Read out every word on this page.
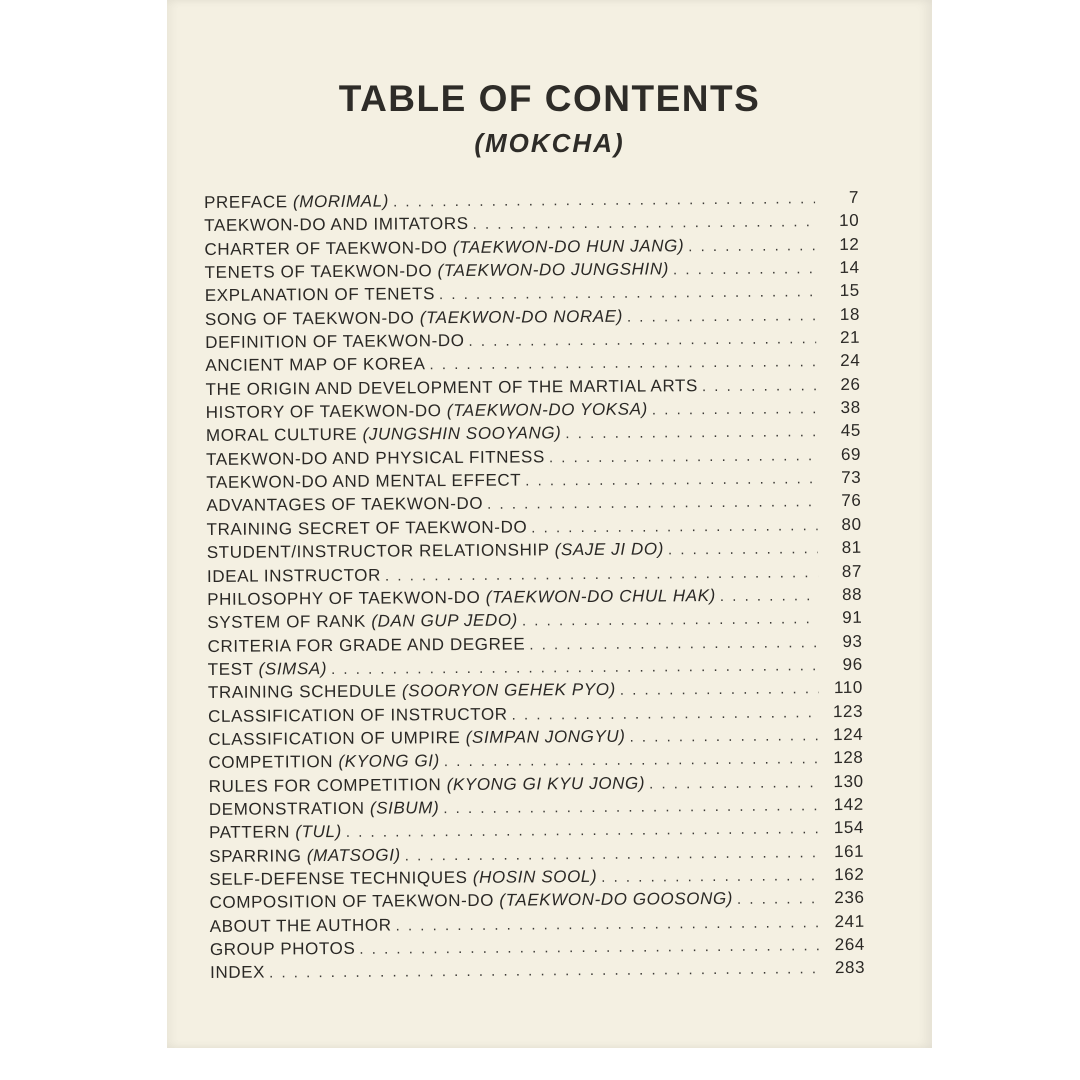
TABLE OF CONTENTS
(MOKCHA)
PREFACE (MORIMAL) . . .	7
TAEKWON-DO AND IMITATORS . . .	10
CHARTER OF TAEKWON-DO (TAEKWON-DO HUN JANG) . . .	12
TENETS OF TAEKWON-DO (TAEKWON-DO JUNGSHIN) . . .	14
EXPLANATION OF TENETS . . .	15
SONG OF TAEKWON-DO (TAEKWON-DO NORAE) . . .	18
DEFINITION OF TAEKWON-DO . . .	21
ANCIENT MAP OF KOREA . . .	24
THE ORIGIN AND DEVELOPMENT OF THE MARTIAL ARTS . . .	26
HISTORY OF TAEKWON-DO (TAEKWON-DO YOKSA) . . .	38
MORAL CULTURE (JUNGSHIN SOOYANG) . . .	45
TAEKWON-DO AND PHYSICAL FITNESS . . .	69
TAEKWON-DO AND MENTAL EFFECT . . .	73
ADVANTAGES OF TAEKWON-DO . . .	76
TRAINING SECRET OF TAEKWON-DO . . .	80
STUDENT/INSTRUCTOR RELATIONSHIP (SAJE JI DO) . . .	81
IDEAL INSTRUCTOR . . .	87
PHILOSOPHY OF TAEKWON-DO (TAEKWON-DO CHUL HAK) . . .	88
SYSTEM OF RANK (DAN GUP JEDO) . . .	91
CRITERIA FOR GRADE AND DEGREE . . .	93
TEST (SIMSA) . . .	96
TRAINING SCHEDULE (SOORYON GEHEK PYO) . . .	110
CLASSIFICATION OF INSTRUCTOR . . .	123
CLASSIFICATION OF UMPIRE (SIMPAN JONGYU) . . .	124
COMPETITION (KYONG GI) . . .	128
RULES FOR COMPETITION (KYONG GI KYU JONG) . . .	130
DEMONSTRATION (SIBUM) . . .	142
PATTERN (TUL) . . .	154
SPARRING (MATSOGI) . . .	161
SELF-DEFENSE TECHNIQUES (HOSIN SOOL) . . .	162
COMPOSITION OF TAEKWON-DO (TAEKWON-DO GOOSONG) . . .	236
ABOUT THE AUTHOR . . .	241
GROUP PHOTOS . . .	264
INDEX . . .	283
